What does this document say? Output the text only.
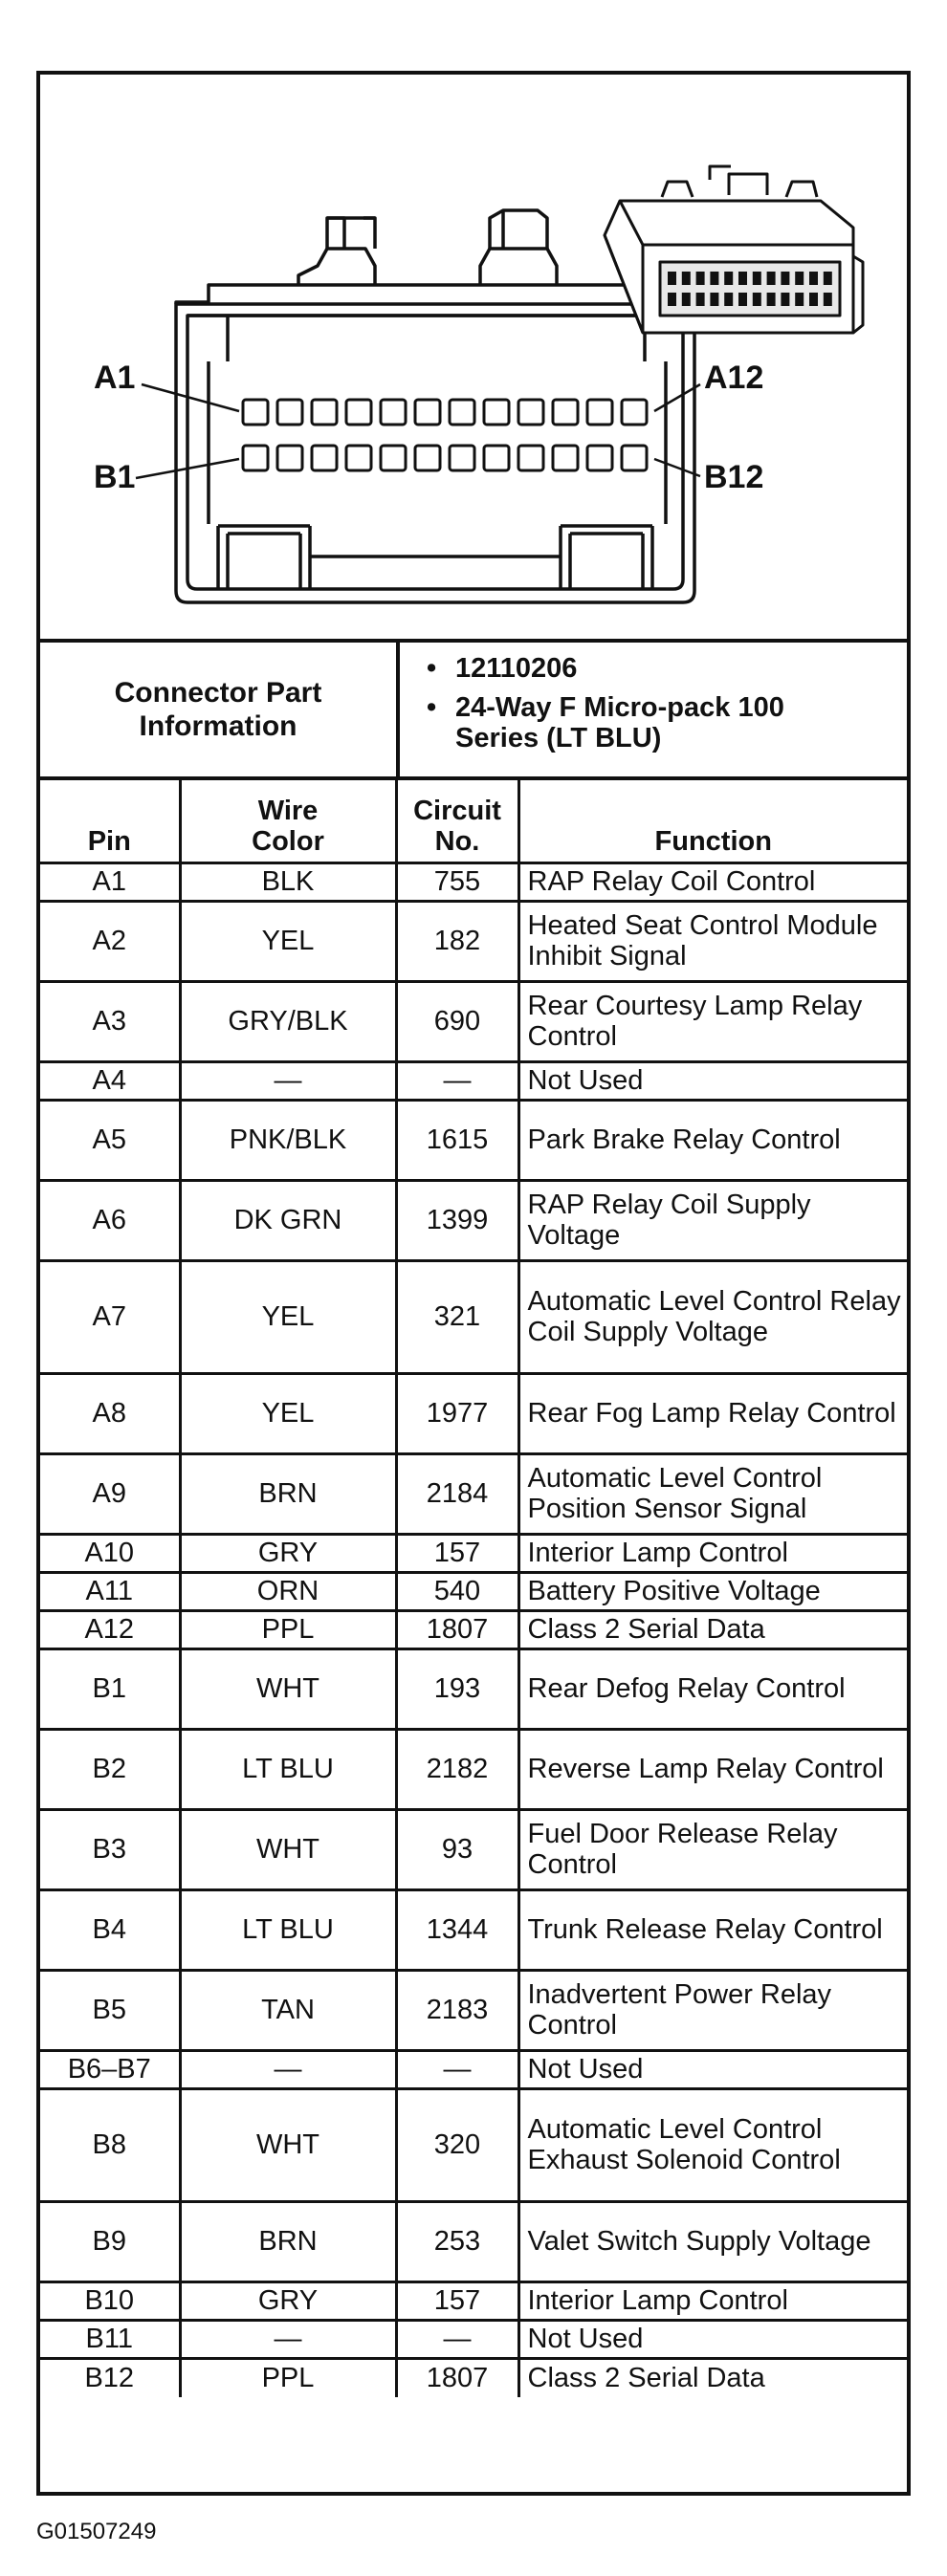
A1
B1
A12
B12
Connector Part Information
• 12110206
• 24-Way F Micro-pack 100 Series (LT BLU)
Pin	Wire Color	Circuit No.	Function
A1	BLK	755	RAP Relay Coil Control
A2	YEL	182	Heated Seat Control Module Inhibit Signal
A3	GRY/BLK	690	Rear Courtesy Lamp Relay Control
A4	—	—	Not Used
A5	PNK/BLK	1615	Park Brake Relay Control
A6	DK GRN	1399	RAP Relay Coil Supply Voltage
A7	YEL	321	Automatic Level Control Relay Coil Supply Voltage
A8	YEL	1977	Rear Fog Lamp Relay Control
A9	BRN	2184	Automatic Level Control Position Sensor Signal
A10	GRY	157	Interior Lamp Control
A11	ORN	540	Battery Positive Voltage
A12	PPL	1807	Class 2 Serial Data
B1	WHT	193	Rear Defog Relay Control
B2	LT BLU	2182	Reverse Lamp Relay Control
B3	WHT	93	Fuel Door Release Relay Control
B4	LT BLU	1344	Trunk Release Relay Control
B5	TAN	2183	Inadvertent Power Relay Control
B6–B7	—	—	Not Used
B8	WHT	320	Automatic Level Control Exhaust Solenoid Control
B9	BRN	253	Valet Switch Supply Voltage
B10	GRY	157	Interior Lamp Control
B11	—	—	Not Used
B12	PPL	1807	Class 2 Serial Data
G01507249
